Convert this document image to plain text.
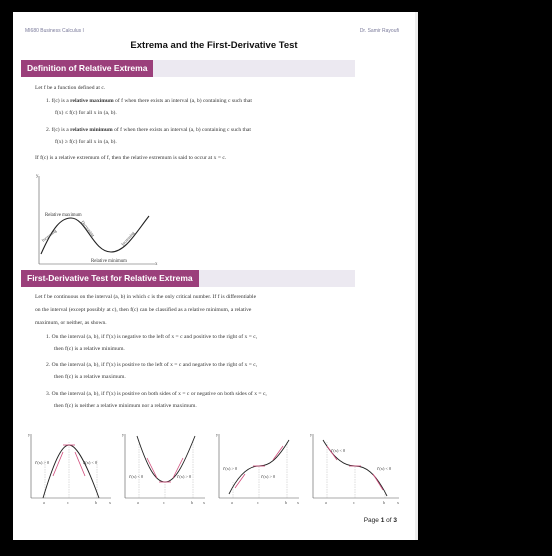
MI680 Business Calculus I	Dr. Samir Rayoufi
Extrema and the First-Derivative Test
Definition of Relative Extrema
Let f be a function defined at c.
1. f(c) is a relative maximum of f when there exists an interval (a, b) containing c such that
f(x) ≤ f(c) for all x in (a, b).
2. f(c) is a relative minimum of f when there exists an interval (a, b) containing c such that
f(x) ≥ f(c) for all x in (a, b).
If f(c) is a relative extremum of f, then the relative extremum is said to occur at x = c.
y
x
Relative maximum
Relative minimum
Increasing	Decreasing
Increasing
First-Derivative Test for Relative Extrema
Let f be continuous on the interval (a, b) in which c is the only critical number. If f is differentiable
on the interval (except possibly at c), then f(c) can be classified as a relative minimum, a relative
maximum, or neither, as shown.
1. On the interval (a, b), if f′(x) is negative to the left of x = c and positive to the right of x = c,
then f(c) is a relative minimum.
2. On the interval (a, b), if f′(x) is positive to the left of x = c and negative to the right of x = c,
then f(c) is a relative maximum.
3. On the interval (a, b), if f′(x) is positive on both sides of x = c or negative on both sides of x = c,
then f(c) is neither a relative minimum nor a relative maximum.
y
x
f′(x) > 0	f′(x) < 0
a	c	b
y
x
f′(x) < 0	f′(x) > 0
a	c	b
y
x
f′(x) > 0
f′(x) > 0
a	c	b
y
x
f′(x) < 0
f′(x) < 0
a	c	b
Page 1 of 3
